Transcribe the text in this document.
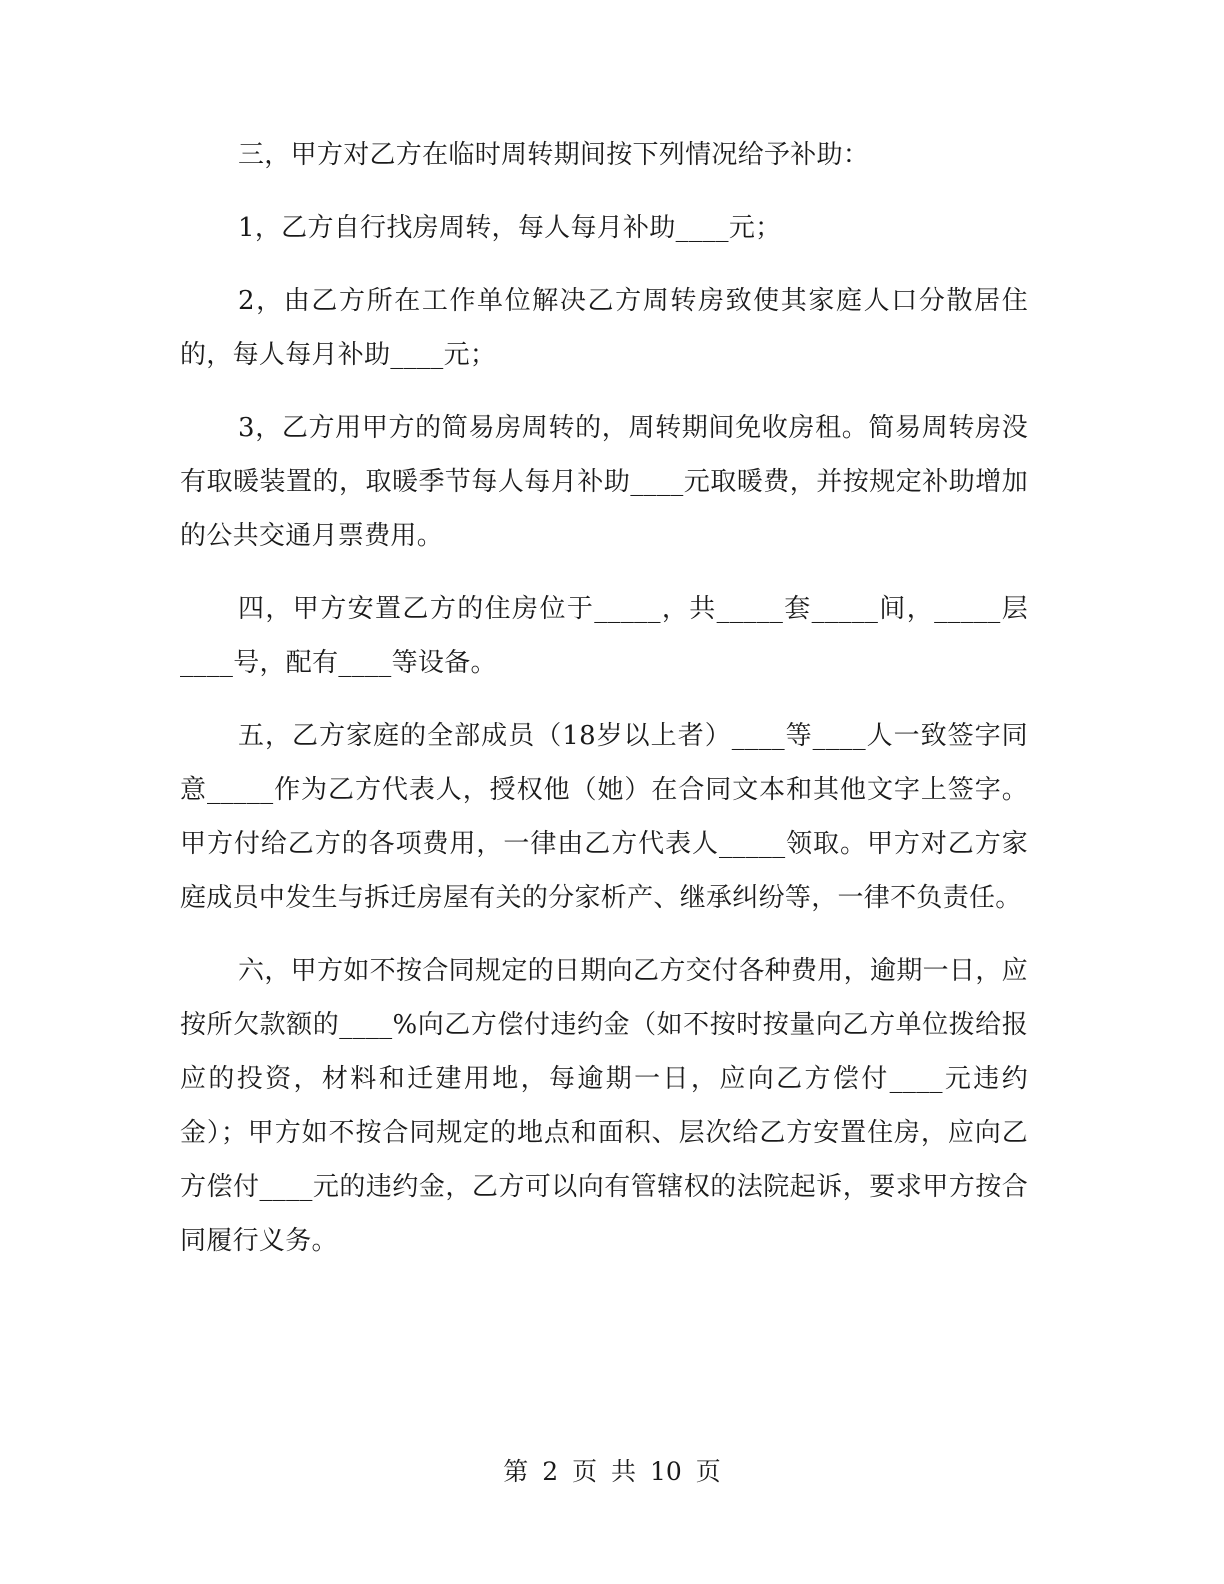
三，甲方对乙方在临时周转期间按下列情况给予补助：

1，乙方自行找房周转，每人每月补助____元；

2，由乙方所在工作单位解决乙方周转房致使其家庭人口分散居住的，每人每月补助____元；

3，乙方用甲方的简易房周转的，周转期间免收房租。简易周转房没有取暖装置的，取暖季节每人每月补助____元取暖费，并按规定补助增加的公共交通月票费用。

四，甲方安置乙方的住房位于_____，共_____套_____间，_____层____号，配有____等设备。

五，乙方家庭的全部成员（18岁以上者）____等____人一致签字同意_____作为乙方代表人，授权他（她）在合同文本和其他文字上签字。甲方付给乙方的各项费用，一律由乙方代表人_____领取。甲方对乙方家庭成员中发生与拆迁房屋有关的分家析产、继承纠纷等，一律不负责任。

六，甲方如不按合同规定的日期向乙方交付各种费用，逾期一日，应按所欠款额的____%向乙方偿付违约金（如不按时按量向乙方单位拨给报应的投资，材料和迁建用地，每逾期一日，应向乙方偿付____元违约金）；甲方如不按合同规定的地点和面积、层次给乙方安置住房，应向乙方偿付____元的违约金，乙方可以向有管辖权的法院起诉，要求甲方按合同履行义务。

第 2 页 共 10 页
